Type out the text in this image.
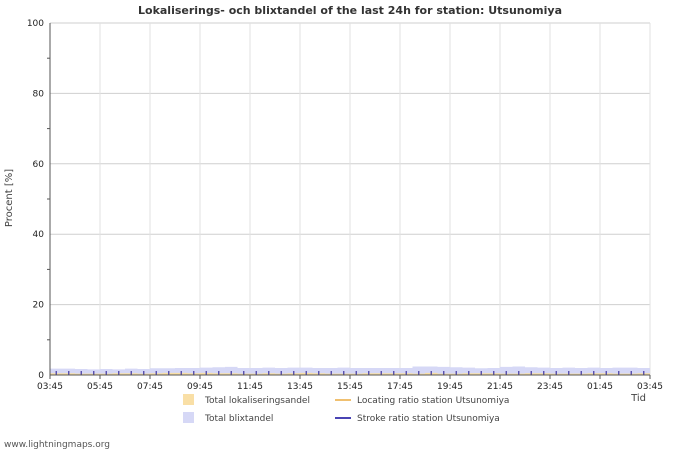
Lokaliserings- och blixtandel of the last 24h for station: Utsunomiya
0
20
40
60
80
100
03:45	05:45	07:45	09:45	11:45	13:45	15:45	17:45	19:45	21:45	23:45	01:45	03:45
Procent [%]
Tid
Total lokaliseringsandel	Locating ratio station Utsunomiya
Total blixtandel	Stroke ratio station Utsunomiya
www.lightningmaps.org
